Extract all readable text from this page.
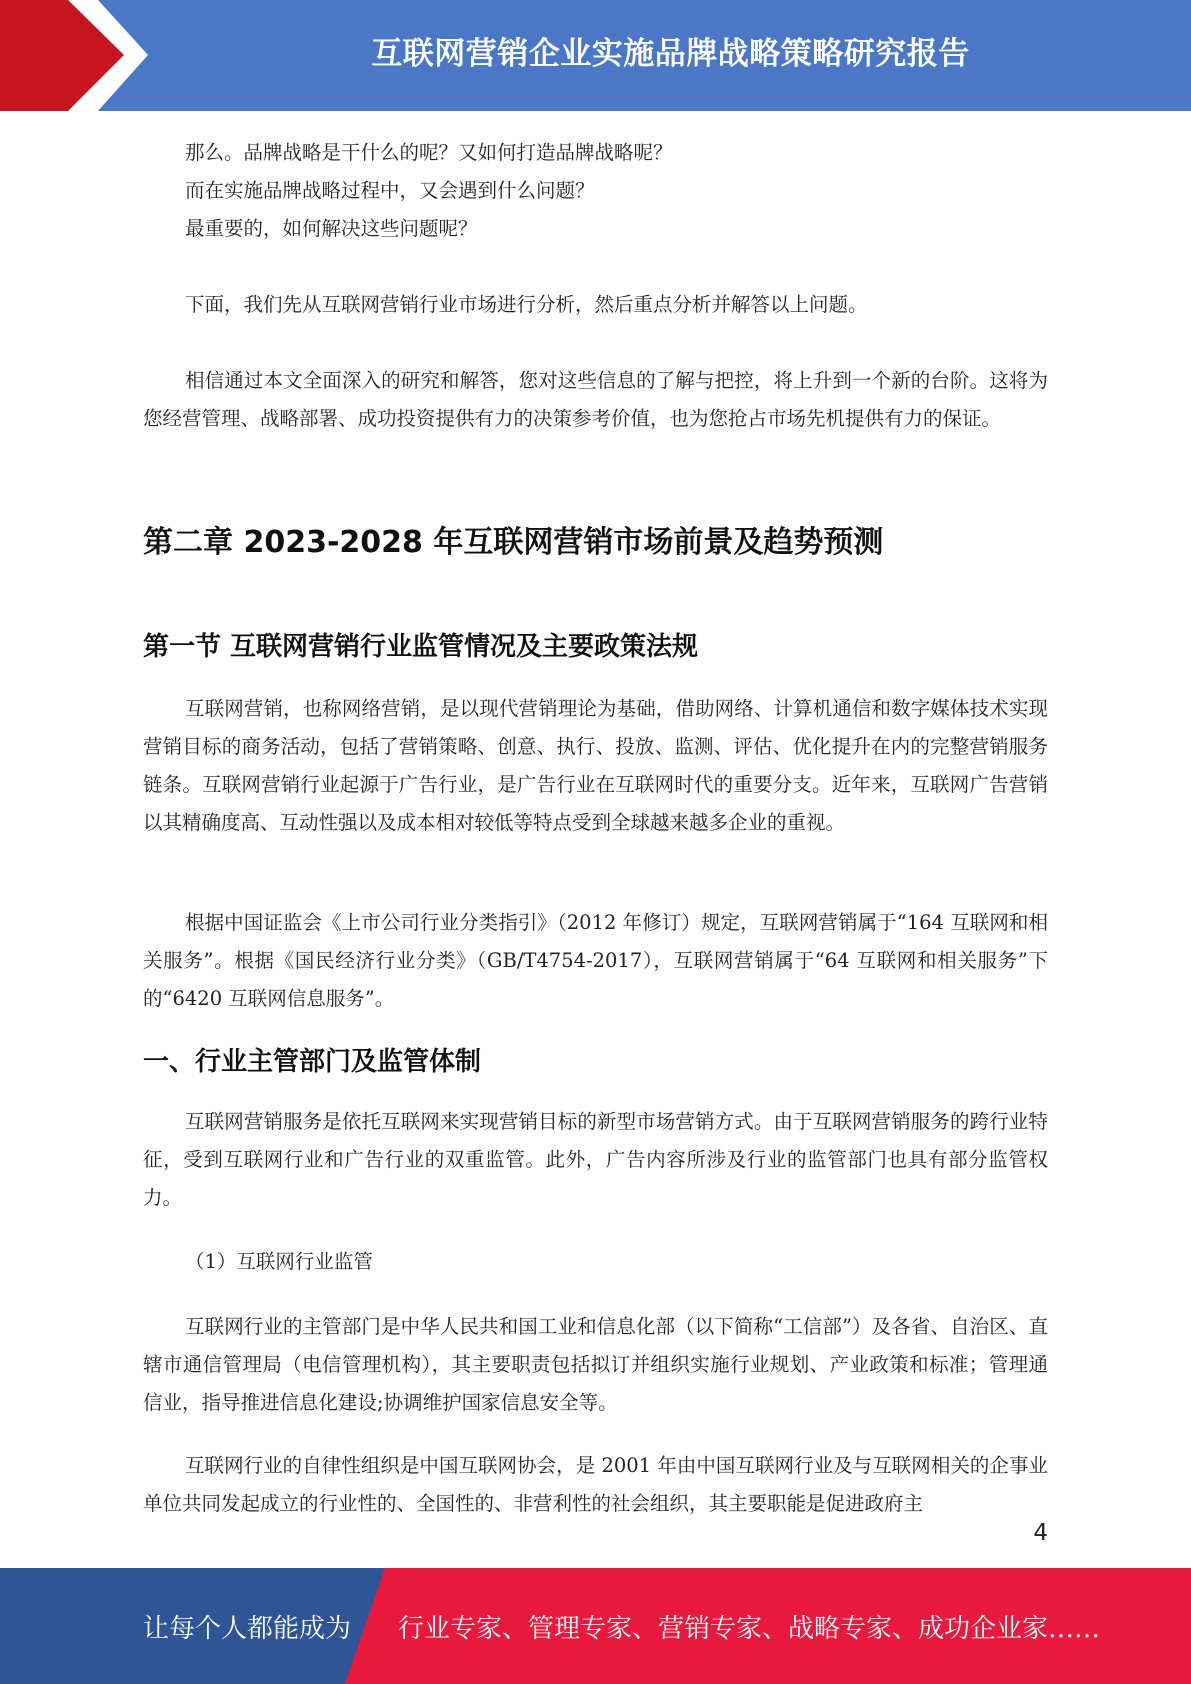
互联网营销企业实施品牌战略策略研究报告

那么。品牌战略是干什么的呢？又如何打造品牌战略呢？

而在实施品牌战略过程中，又会遇到什么问题？

最重要的，如何解决这些问题呢？

下面，我们先从互联网营销行业市场进行分析，然后重点分析并解答以上问题。

相信通过本文全面深入的研究和解答，您对这些信息的了解与把控，将上升到一个新的台阶。这将为您经营管理、战略部署、成功投资提供有力的决策参考价值，也为您抢占市场先机提供有力的保证。

第二章 2023-2028 年互联网营销市场前景及趋势预测
第一节 互联网营销行业监管情况及主要政策法规

互联网营销，也称网络营销，是以现代营销理论为基础，借助网络、计算机通信和数字媒体技术实现营销目标的商务活动，包括了营销策略、创意、执行、投放、监测、评估、优化提升在内的完整营销服务链条。互联网营销行业起源于广告行业，是广告行业在互联网时代的重要分支。近年来，互联网广告营销以其精确度高、互动性强以及成本相对较低等特点受到全球越来越多企业的重视。

根据中国证监会《上市公司行业分类指引》（2012 年修订）规定，互联网营销属于“164 互联网和相关服务”。根据《国民经济行业分类》（GB/T4754-2017），互联网营销属于“64 互联网和相关服务”下的“6420 互联网信息服务”。

一、行业主管部门及监管体制

互联网营销服务是依托互联网来实现营销目标的新型市场营销方式。由于互联网营销服务的跨行业特征，受到互联网行业和广告行业的双重监管。此外，广告内容所涉及行业的监管部门也具有部分监管权力。

（1）互联网行业监管

互联网行业的主管部门是中华人民共和国工业和信息化部（以下简称“工信部”）及各省、自治区、直辖市通信管理局（电信管理机构），其主要职责包括拟订并组织实施行业规划、产业政策和标准；管理通信业，指导推进信息化建设;协调维护国家信息安全等。

互联网行业的自律性组织是中国互联网协会，是 2001 年由中国互联网行业及与互联网相关的企事业单位共同发起成立的行业性的、全国性的、非营利性的社会组织，其主要职能是促进政府主

4
让每个人都能成为 行业专家、管理专家、营销专家、战略专家、成功企业家……
